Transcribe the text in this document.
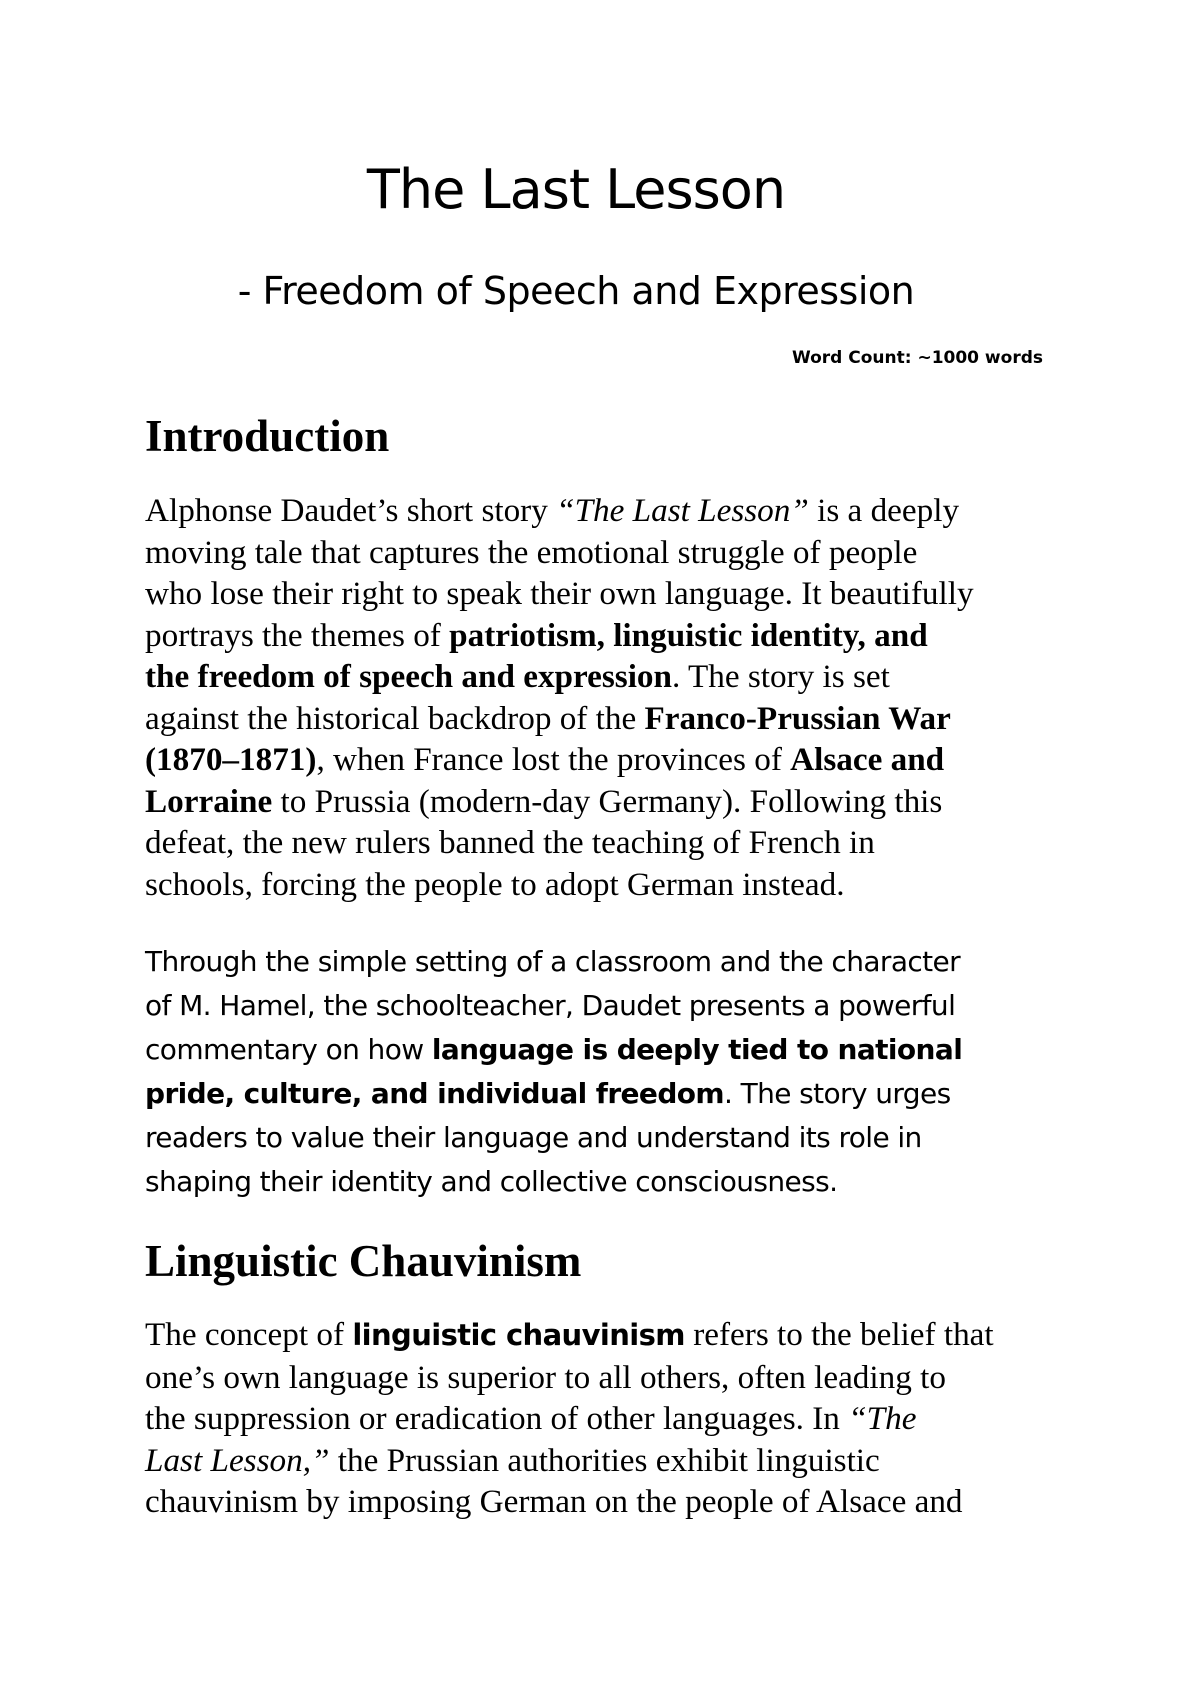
The Last Lesson
- Freedom of Speech and Expression
Word Count: ~1000 words
Introduction

Alphonse Daudet’s short story “The Last Lesson” is a deeply
moving tale that captures the emotional struggle of people
who lose their right to speak their own language. It beautifully
portrays the themes of patriotism, linguistic identity, and
the freedom of speech and expression. The story is set
against the historical backdrop of the Franco-Prussian War
(1870–1871), when France lost the provinces of Alsace and
Lorraine to Prussia (modern-day Germany). Following this
defeat, the new rulers banned the teaching of French in
schools, forcing the people to adopt German instead.

Through the simple setting of a classroom and the character
of M. Hamel, the schoolteacher, Daudet presents a powerful
commentary on how language is deeply tied to national
pride, culture, and individual freedom. The story urges
readers to value their language and understand its role in
shaping their identity and collective consciousness.

Linguistic Chauvinism

The concept of linguistic chauvinism refers to the belief that
one’s own language is superior to all others, often leading to
the suppression or eradication of other languages. In “The
Last Lesson,” the Prussian authorities exhibit linguistic
chauvinism by imposing German on the people of Alsace and
